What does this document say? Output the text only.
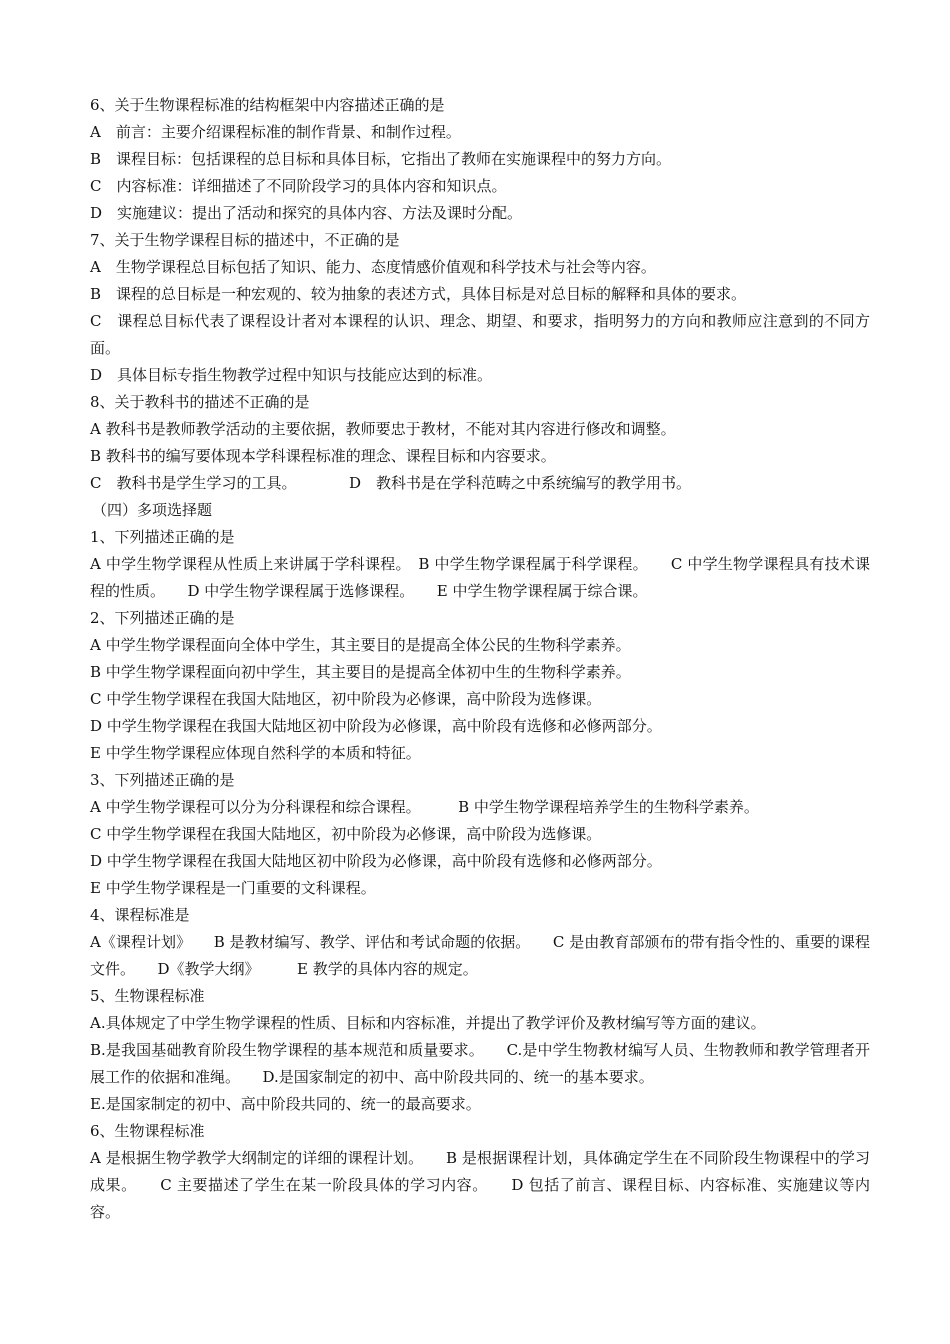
6、关于生物课程标准的结构框架中内容描述正确的是

A　前言：主要介绍课程标准的制作背景、和制作过程。

B　课程目标：包括课程的总目标和具体目标，它指出了教师在实施课程中的努力方向。

C　内容标准：详细描述了不同阶段学习的具体内容和知识点。

D　实施建议：提出了活动和探究的具体内容、方法及课时分配。

7、关于生物学课程目标的描述中，不正确的是

A　生物学课程总目标包括了知识、能力、态度情感价值观和科学技术与社会等内容。

B　课程的总目标是一种宏观的、较为抽象的表述方式，具体目标是对总目标的解释和具体的要求。

C　课程总目标代表了课程设计者对本课程的认识、理念、期望、和要求，指明努力的方向和教师应注意到的不同方面。

D　具体目标专指生物教学过程中知识与技能应达到的标准。

8、关于教科书的描述不正确的是

A 教科书是教师教学活动的主要依据，教师要忠于教材，不能对其内容进行修改和调整。

B 教科书的编写要体现本学科课程标准的理念、课程目标和内容要求。

C　教科书是学生学习的工具。　　　　D　教科书是在学科范畴之中系统编写的教学用书。

（四）多项选择题

1、下列描述正确的是

A 中学生物学课程从性质上来讲属于学科课程。　B 中学生物学课程属于科学课程。　　C 中学生物学课程具有技术课程的性质。　　D 中学生物学课程属于选修课程。　　E 中学生物学课程属于综合课。

2、下列描述正确的是

A 中学生物学课程面向全体中学生，其主要目的是提高全体公民的生物科学素养。

B 中学生物学课程面向初中学生，其主要目的是提高全体初中生的生物科学素养。

C 中学生物学课程在我国大陆地区，初中阶段为必修课，高中阶段为选修课。

D 中学生物学课程在我国大陆地区初中阶段为必修课，高中阶段有选修和必修两部分。

E 中学生物学课程应体现自然科学的本质和特征。

3、下列描述正确的是

A 中学生物学课程可以分为分科课程和综合课程。　　　B 中学生物学课程培养学生的生物科学素养。

C 中学生物学课程在我国大陆地区，初中阶段为必修课，高中阶段为选修课。

D 中学生物学课程在我国大陆地区初中阶段为必修课，高中阶段有选修和必修两部分。

E 中学生物学课程是一门重要的文科课程。

4、课程标准是

A《课程计划》　　B 是教材编写、教学、评估和考试命题的依据。　　C 是由教育部颁布的带有指令性的、重要的课程文件。　　D《教学大纲》　　　E 教学的具体内容的规定。

5、生物课程标准

A.具体规定了中学生物学课程的性质、目标和内容标准，并提出了教学评价及教材编写等方面的建议。

B.是我国基础教育阶段生物学课程的基本规范和质量要求。　　C.是中学生物教材编写人员、生物教师和教学管理者开展工作的依据和准绳。　　D.是国家制定的初中、高中阶段共同的、统一的基本要求。

E.是国家制定的初中、高中阶段共同的、统一的最高要求。

6、生物课程标准

A 是根据生物学教学大纲制定的详细的课程计划。　　B 是根据课程计划，具体确定学生在不同阶段生物课程中的学习成果。　　C 主要描述了学生在某一阶段具体的学习内容。　　D 包括了前言、课程目标、内容标准、实施建议等内容。
